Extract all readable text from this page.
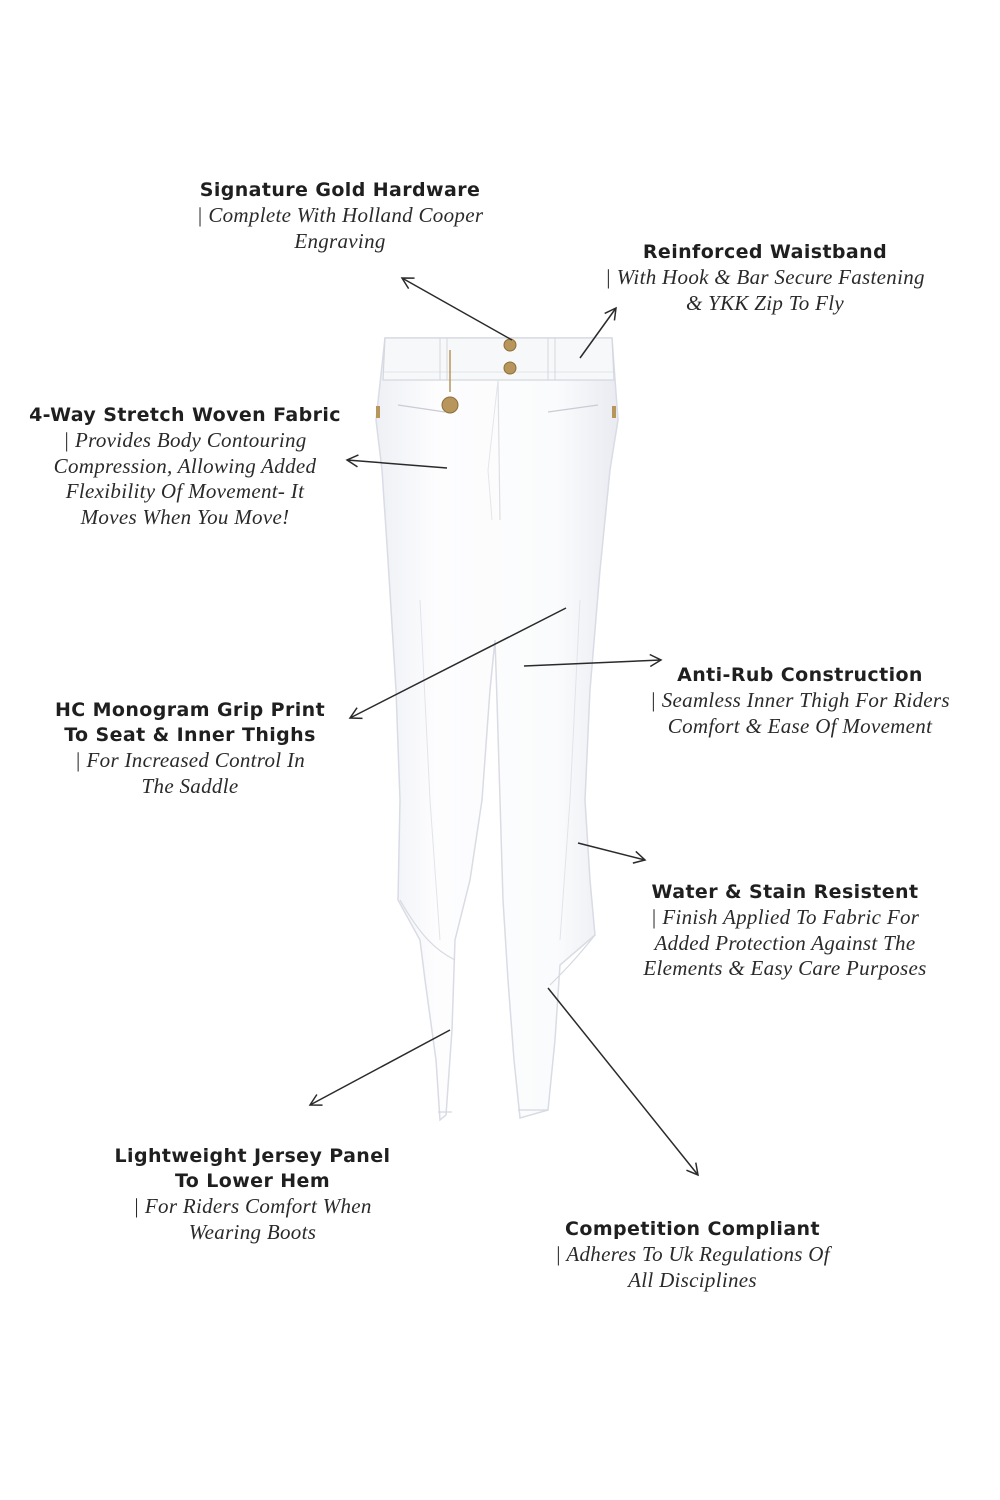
Signature Gold Hardware
| Complete With Holland Cooper
Engraving	Reinforced Waistband
| With Hook & Bar Secure Fastening
& YKK Zip To Fly
4-Way Stretch Woven Fabric
| Provides Body Contouring
Compression, Allowing Added
Flexibility Of Movement- It
Moves When You Move!
Anti-Rub Construction
| Seamless Inner Thigh For Riders
Comfort & Ease Of Movement
HC Monogram Grip Print
To Seat & Inner Thighs
| For Increased Control In
The Saddle
Water & Stain Resistent
| Finish Applied To Fabric For
Added Protection Against The
Elements & Easy Care Purposes
Lightweight Jersey Panel
To Lower Hem
| For Riders Comfort When
Wearing Boots	Competition Compliant
| Adheres To Uk Regulations Of
All Disciplines
